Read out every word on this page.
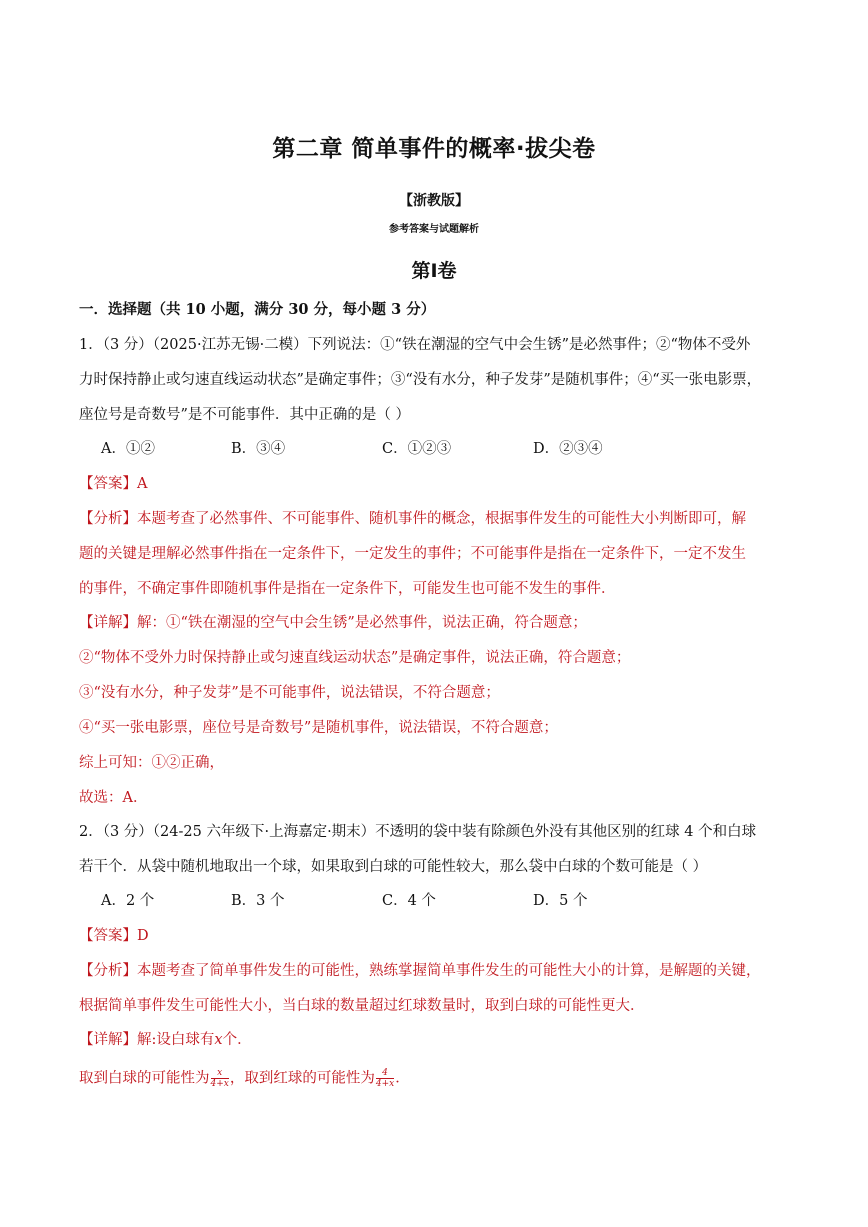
第二章 简单事件的概率·拔尖卷
【浙教版】
参考答案与试题解析
第Ⅰ卷
一．选择题（共 10 小题，满分 30 分，每小题 3 分）
1．（3 分）（2025·江苏无锡·二模）下列说法：①“铁在潮湿的空气中会生锈”是必然事件；②“物体不受外
力时保持静止或匀速直线运动状态”是确定事件；③“没有水分，种子发芽”是随机事件；④“买一张电影票，
座位号是奇数号”是不可能事件．其中正确的是（ ）
A．①②	B．③④	C．①②③	D．②③④
【答案】A
【分析】本题考查了必然事件、不可能事件、随机事件的概念，根据事件发生的可能性大小判断即可，解
题的关键是理解必然事件指在一定条件下，一定发生的事件；不可能事件是指在一定条件下，一定不发生
的事件，不确定事件即随机事件是指在一定条件下，可能发生也可能不发生的事件．
【详解】解：①“铁在潮湿的空气中会生锈”是必然事件，说法正确，符合题意；
②“物体不受外力时保持静止或匀速直线运动状态”是确定事件，说法正确，符合题意；
③“没有水分，种子发芽”是不可能事件，说法错误，不符合题意；
④“买一张电影票，座位号是奇数号”是随机事件，说法错误，不符合题意；
综上可知：①②正确，
故选：A．
2．（3 分）（24-25 六年级下·上海嘉定·期末）不透明的袋中装有除颜色外没有其他区别的红球 4 个和白球
若干个．从袋中随机地取出一个球，如果取到白球的可能性较大，那么袋中白球的个数可能是（ ）
A．2 个	B．3 个	C．4 个	D．5 个
【答案】D
【分析】本题考查了简单事件发生的可能性，熟练掌握简单事件发生的可能性大小的计算，是解题的关键，
根据简单事件发生可能性大小，当白球的数量超过红球数量时，取到白球的可能性更大．
【详解】解:设白球有x个．
取到白球的可能性为 $\frac{x}{4+x}$ ，取到红球的可能性为 $\frac{4}{4+x}$ ．
